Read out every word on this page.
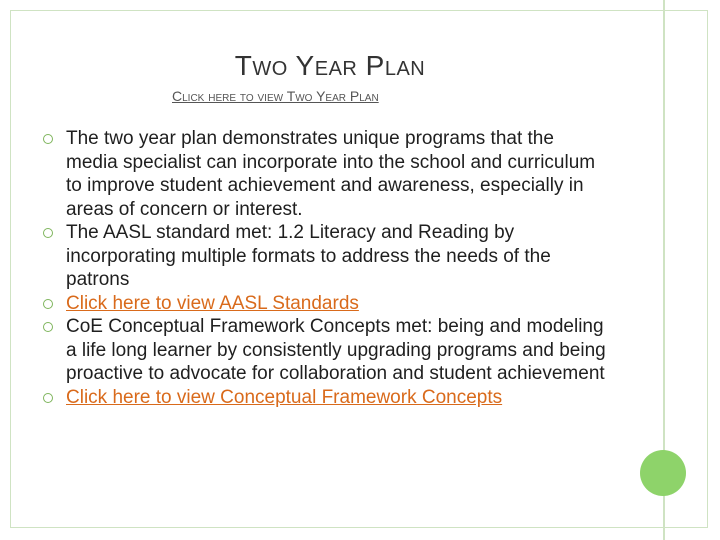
Two Year Plan
Click here to view Two Year Plan
The two year plan demonstrates unique programs that the media specialist can incorporate into the school and curriculum to improve student achievement and awareness, especially in areas of concern or interest.
The AASL standard met: 1.2 Literacy and Reading by incorporating multiple formats to address the needs of the patrons
Click here to view AASL Standards
CoE Conceptual Framework Concepts met: being and modeling a life long learner by consistently upgrading programs and being proactive to advocate for collaboration and student achievement
Click here to view Conceptual Framework Concepts
